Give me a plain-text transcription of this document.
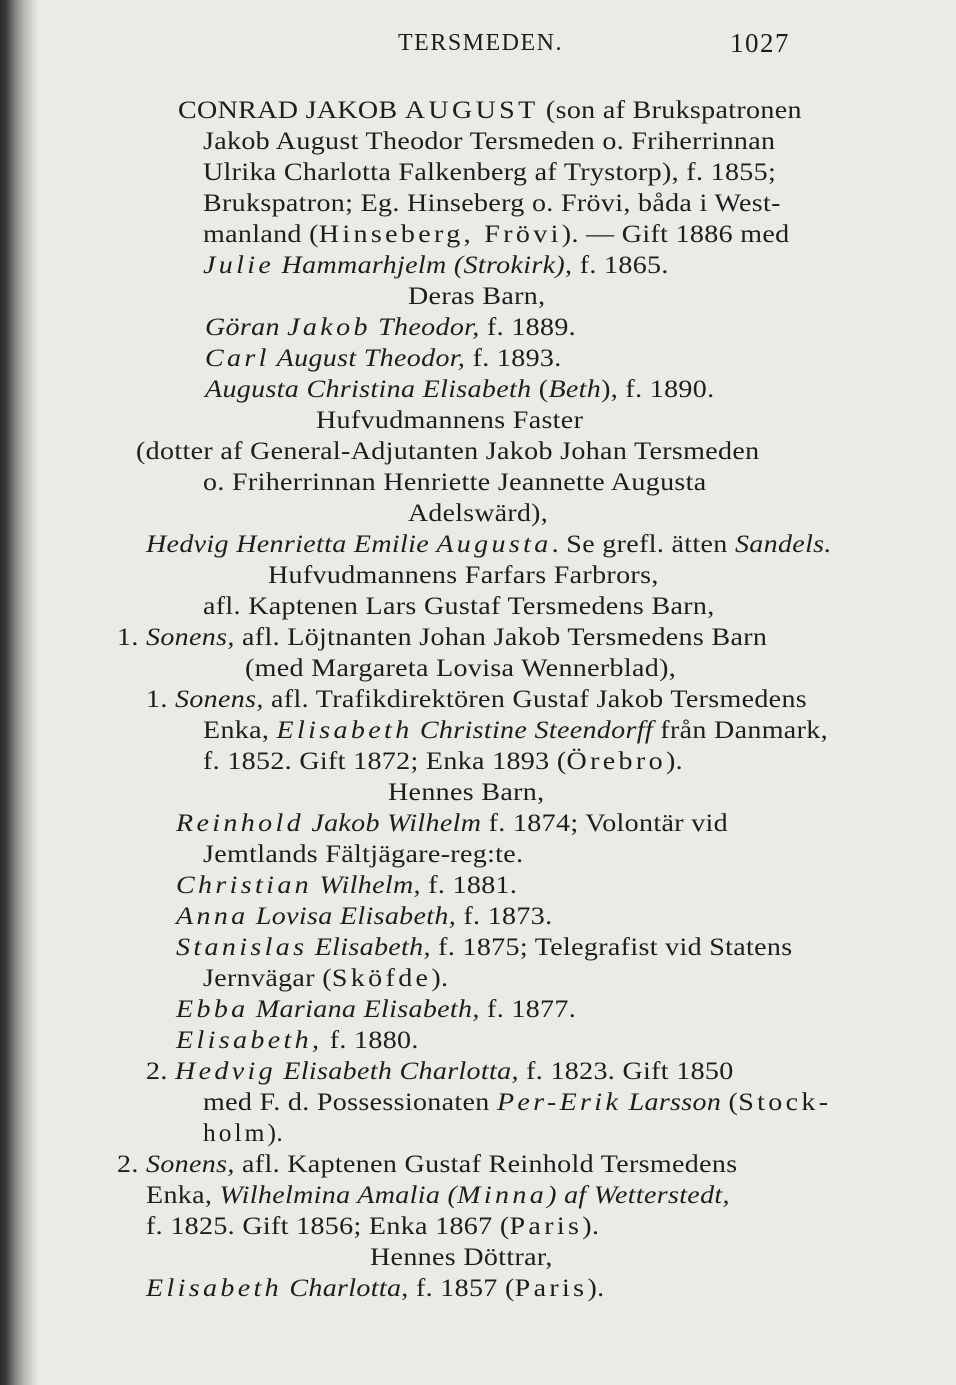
TERSMEDEN.	1027
CONRAD JAKOB AUGUST (son af Brukspatronen
Jakob August Theodor Tersmeden o. Friherrinnan
Ulrika Charlotta Falkenberg af Trystorp), f. 1855;
Brukspatron; Eg. Hinseberg o. Frövi, båda i West-
manland (Hinseberg, Frövi). — Gift 1886 med
Julie Hammarhjelm (Strokirk), f. 1865.
Deras Barn,
Göran Jakob Theodor, f. 1889.
Carl August Theodor, f. 1893.
Augusta Christina Elisabeth (Beth), f. 1890.
Hufvudmannens Faster
(dotter af General-Adjutanten Jakob Johan Tersmeden
o. Friherrinnan Henriette Jeannette Augusta
Adelswärd),
Hedvig Henrietta Emilie Augusta. Se grefl. ätten Sandels.
Hufvudmannens Farfars Farbrors,
afl. Kaptenen Lars Gustaf Tersmedens Barn,
1. Sonens, afl. Löjtnanten Johan Jakob Tersmedens Barn
(med Margareta Lovisa Wennerblad),
1. Sonens, afl. Trafikdirektören Gustaf Jakob Tersmedens
Enka, Elisabeth Christine Steendorff från Danmark,
f. 1852. Gift 1872; Enka 1893 (Örebro).
Hennes Barn,
Reinhold Jakob Wilhelm f. 1874; Volontär vid
Jemtlands Fältjägare-reg:te.
Christian Wilhelm, f. 1881.
Anna Lovisa Elisabeth, f. 1873.
Stanislas Elisabeth, f. 1875; Telegrafist vid Statens
Jernvägar (Sköfde).
Ebba Mariana Elisabeth, f. 1877.
Elisabeth, f. 1880.
2. Hedvig Elisabeth Charlotta, f. 1823. Gift 1850
med F. d. Possessionaten Per-Erik Larsson (Stock-
holm).
2. Sonens, afl. Kaptenen Gustaf Reinhold Tersmedens
Enka, Wilhelmina Amalia (Minna) af Wetterstedt,
f. 1825. Gift 1856; Enka 1867 (Paris).
Hennes Döttrar,
Elisabeth Charlotta, f. 1857 (Paris).
